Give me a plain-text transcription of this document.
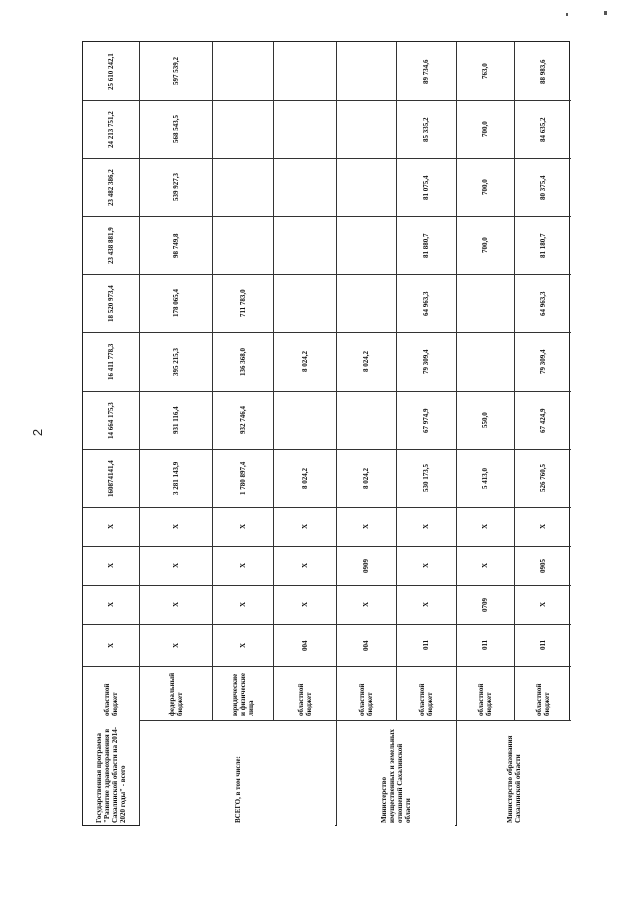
2
25 610 242,1
24 213 751,2
23 482 386,2
23 438 881,9
18 520 973,4
16 411 778,3
14 664 175,3
160874141,4
Х
Х
Х
Х
областной бюджет
597 539,2
568 543,5
539 927,3
98 749,8
178 065,4
395 215,3
931 116,4
3 281 143,9
Х
Х
Х
Х
федеральный бюджет
711 783,0
136 368,0
932 746,4
1 780 897,4
Х
Х
Х
Х
юридические и физические лица
8 024,2
8 024,2
Х
Х
Х
004
областной бюджет
8 024,2
8 024,2
Х
0909
Х
004
областной бюджет
89 734,6
85 335,2
81 075,4
81 880,7
64 963,3
79 309,4
67 974,9
530 173,5
Х
Х
Х
011
областной бюджет
763,0
700,0
700,0
700,0
550,0
5 413,0
Х
Х
0709
011
областной бюджет
88 983,6
84 635,2
80 375,4
81 180,7
64 963,3
79 309,4
67 424,9
526 760,5
Х
0905
Х
011
областной бюджет
ВСЕГО, в том числе:	Министерство имущественных и земельных отношений Сахалинской области	Министерство образования Сахалинской области
Государственная программа "Развитие здравоохранения в Сахалинской области на 2014-2020 годы" - всего
